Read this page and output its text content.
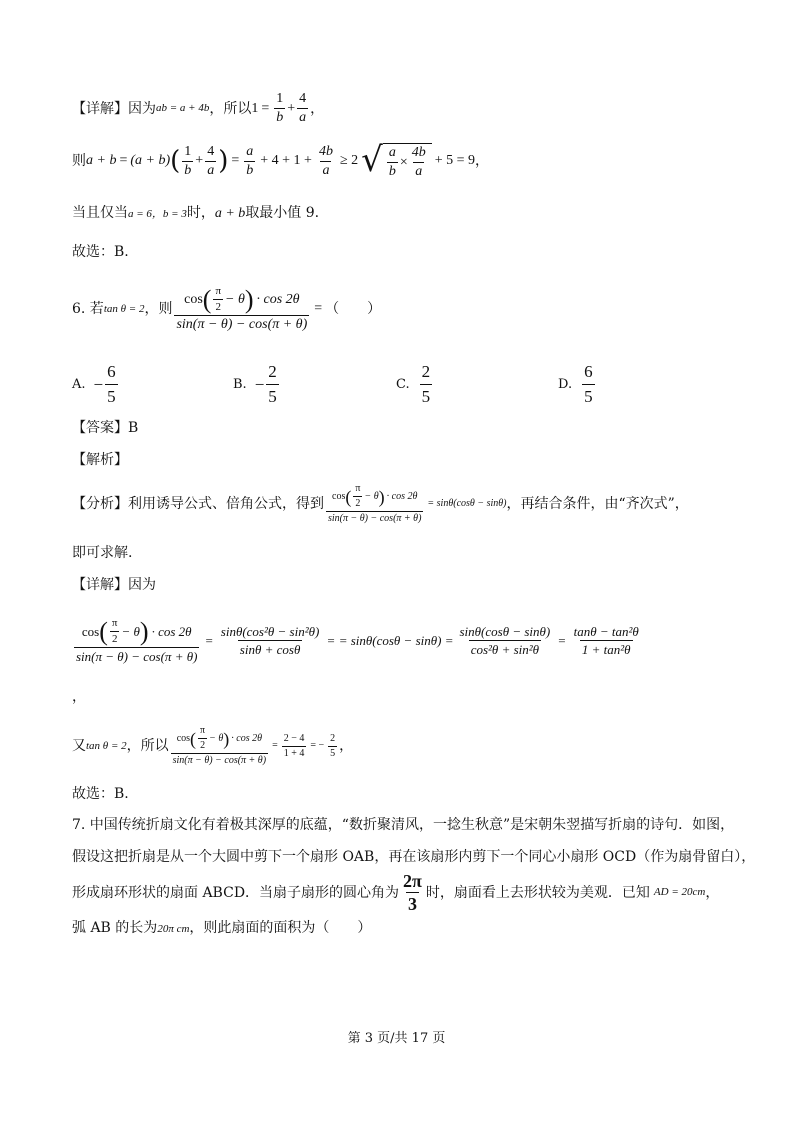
【详解】因为 ab = a + 4b ，所以 $1 = \frac{1}{b} + \frac{4}{a}$ ，
则 a + b = (a + b) ( $\frac{1}{b} + \frac{4}{a}$ ) = $\frac{a}{b} + 4 + 1 + \frac{4b}{a} \ge 2$ √ $\frac{a}{b} \times \frac{4b}{a} + 5 = 9$ ，
当且仅当a = 6，b = 3时，a + b取最小值 9.
故选：B.
6. 若 tan θ = 2 ，则 $\frac{\cos ( \frac{\pi}{2} - \theta ) \cdot \cos 2\theta}{\sin(\pi - \theta) - \cos(\pi + \theta)}$ = （　　）
A. − $\frac{6}{5}$	B. − $\frac{2}{5}$	C. $\frac{2}{5}$	D. $\frac{6}{5}$
【答案】B
【解析】
【分析】利用诱导公式、倍角公式，得到 $\frac{\cos ( \frac{\pi}{2} - \theta ) \cdot \cos 2\theta}{\sin(\pi - \theta) - \cos(\pi + \theta)} = \sin\theta(\cos\theta - \sin\theta)$ ，再结合条件，由“齐次式”，
即可求解.
【详解】因为
$\frac{\cos ( \frac{\pi}{2} - \theta ) \cdot \cos 2\theta}{\sin(\pi - \theta) - \cos(\pi + \theta)} = \frac{\text{sinθ(cos²θ − sin²θ)}}{\sin\theta + \cos\theta}$ = = $\sin\theta(\cos\theta - \sin\theta) = \frac{\sin\theta(\cos\theta - \sin\theta)}{\text{cos²θ + sin²θ}} = \frac{\text{tanθ − tan²θ}}{\text{1 + tan²θ}}$
，
又 tan θ = 2 ，所以 $\frac{\cos ( \frac{\pi}{2} - \theta ) \cdot \cos 2\theta}{\sin(\pi - \theta) - \cos(\pi + \theta)} = \frac{2 - 4}{1 + 4}$ = − $\frac{2}{5}$ ，
故选：B.
7. 中国传统折扇文化有着极其深厚的底蕴，“数折聚清风，一捻生秋意”是宋朝朱翌描写折扇的诗句．如图，
假设这把折扇是从一个大圆中剪下一个扇形 OAB，再在该扇形内剪下一个同心小扇形 OCD（作为扇骨留白），
形成扇环形状的扇面 ABCD．当扇子扇形的圆心角为 $\frac{2\pi}{3}$ 时，扇面看上去形状较为美观．已知 AD = 20cm ，
弧 AB 的长为20π cm，则此扇面的面积为（　　）
第 3 页/共 17 页
